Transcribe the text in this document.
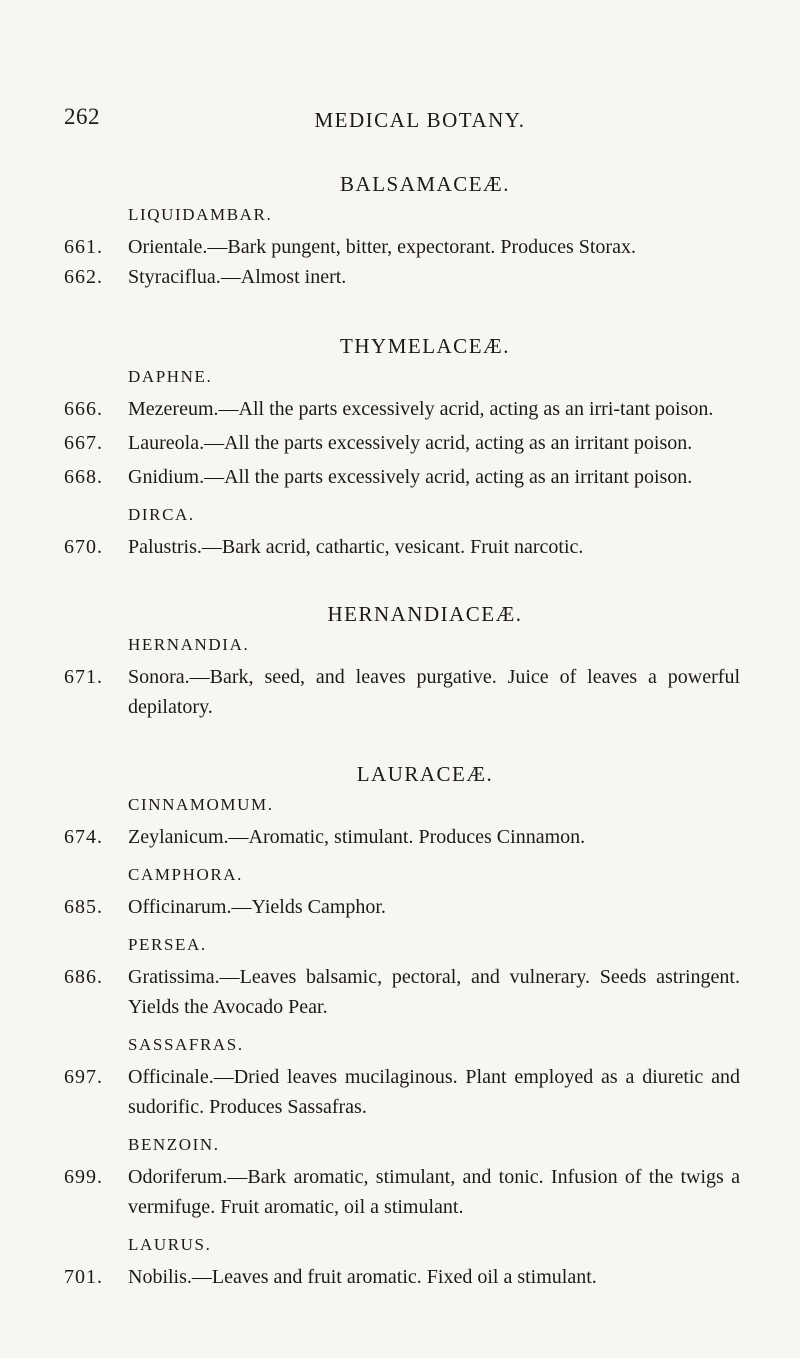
262	MEDICAL BOTANY.

BALSAMACEÆ.

LIQUIDAMBAR.

661.	Orientale.—Bark pungent, bitter, expectorant. Produces Storax.
662.	Styraciflua.—Almost inert.

THYMELACEÆ.

DAPHNE.

666.	Mezereum.—All the parts excessively acrid, acting as an irri-tant poison.
667.	Laureola.—All the parts excessively acrid, acting as an irritant poison.
668.	Gnidium.—All the parts excessively acrid, acting as an irritant poison.

DIRCA.

670.	Palustris.—Bark acrid, cathartic, vesicant. Fruit narcotic.

HERNANDIACEÆ.

HERNANDIA.

671.	Sonora.—Bark, seed, and leaves purgative. Juice of leaves a powerful depilatory.

LAURACEÆ.

CINNAMOMUM.

674.	Zeylanicum.—Aromatic, stimulant. Produces Cinnamon.

CAMPHORA.

685.	Officinarum.—Yields Camphor.

PERSEA.

686.	Gratissima.—Leaves balsamic, pectoral, and vulnerary. Seeds astringent. Yields the Avocado Pear.

SASSAFRAS.

697.	Officinale.—Dried leaves mucilaginous. Plant employed as a diuretic and sudorific. Produces Sassafras.

BENZOIN.

699.	Odoriferum.—Bark aromatic, stimulant, and tonic. Infusion of the twigs a vermifuge. Fruit aromatic, oil a stimulant.

LAURUS.

701.	Nobilis.—Leaves and fruit aromatic. Fixed oil a stimulant.
